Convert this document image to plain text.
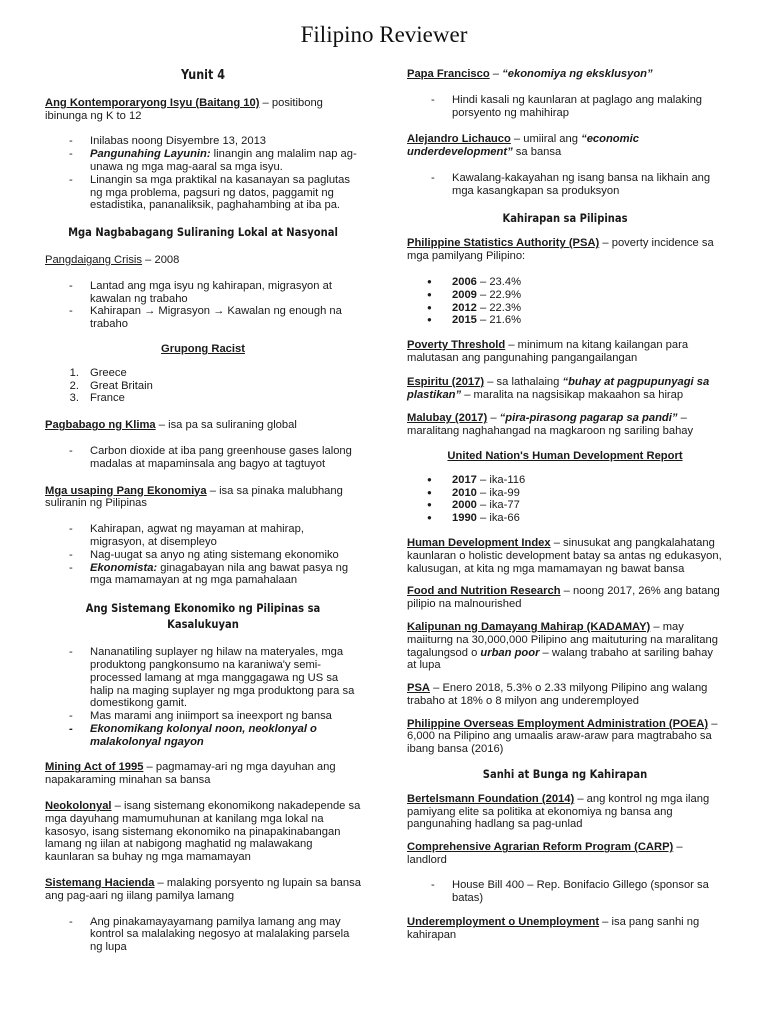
Filipino Reviewer

Yunit 4

Ang Kontemporaryong Isyu (Baitang 10) – positibong ibinunga ng K to 12

- Inilabas noong Disyembre 13, 2013
- Pangunahing Layunin: linangin ang malalim nap ag-unawa ng mga mag-aaral sa mga isyu.
- Linangin sa mga praktikal na kasanayan sa paglutas ng mga problema, pagsuri ng datos, paggamit ng estadistika, pananaliksik, paghahambing at iba pa.

Mga Nagbabagang Suliraning Lokal at Nasyonal

Pangdaigang Crisis – 2008

- Lantad ang mga isyu ng kahirapan, migrasyon at kawalan ng trabaho
- Kahirapan → Migrasyon → Kawalan ng enough na trabaho

Grupong Racist

1. Greece
2. Great Britain
3. France

Pagbabago ng Klima – isa pa sa suliraning global

- Carbon dioxide at iba pang greenhouse gases lalong madalas at mapaminsala ang bagyo at tagtuyot

Mga usaping Pang Ekonomiya – isa sa pinaka malubhang suliranin ng Pilipinas

- Kahirapan, agwat ng mayaman at mahirap, migrasyon, at disempleyo
- Nag-uugat sa anyo ng ating sistemang ekonomiko
- Ekonomista: ginagabayan nila ang bawat pasya ng mga mamamayan at ng mga pamahalaan

Ang Sistemang Ekonomiko ng Pilipinas sa Kasalukuyan

- Nananatiling suplayer ng hilaw na materyales, mga produktong pangkonsumo na karaniwa'y semi-processed lamang at mga manggagawa ng US sa halip na maging suplayer ng mga produktong para sa domestikong gamit.
- Mas marami ang iniimport sa ineexport ng bansa
- Ekonomikang kolonyal noon, neoklonyal o malakolonyal ngayon

Mining Act of 1995 – pagmamay-ari ng mga dayuhan ang napakaraming minahan sa bansa

Neokolonyal – isang sistemang ekonomikong nakadepende sa mga dayuhang mamumuhunan at kanilang mga lokal na kasosyo, isang sistemang ekonomiko na pinapakinabangan lamang ng iilan at nabigong maghatid ng malawakang kaunlaran sa buhay ng mga mamamayan

Sistemang Hacienda – malaking porsyento ng lupain sa bansa ang pag-aari ng iilang pamilya lamang

- Ang pinakamayayamang pamilya lamang ang may kontrol sa malalaking negosyo at malalaking parsela ng lupa

Papa Francisco – “ekonomiya ng eksklusyon”

- Hindi kasali ng kaunlaran at paglago ang malaking porsyento ng mahihirap

Alejandro Lichauco – umiiral ang “economic underdevelopment” sa bansa

- Kawalang-kakayahan ng isang bansa na likhain ang mga kasangkapan sa produksyon

Kahirapan sa Pilipinas

Philippine Statistics Authority (PSA) – poverty incidence sa mga pamilyang Pilipino:

● 2006 – 23.4%
● 2009 – 22.9%
● 2012 – 22.3%
● 2015 – 21.6%

Poverty Threshold – minimum na kitang kailangan para malutasan ang pangunahing pangangailangan

Espiritu (2017) – sa lathalaing “buhay at pagpupunyagi sa plastikan” – maralita na nagsisikap makaahon sa hirap

Malubay (2017) – “pira-pirasong pagarap sa pandi” – maralitang naghahangad na magkaroon ng sariling bahay

United Nation's Human Development Report

● 2017 – ika-116
● 2010 – ika-99
● 2000 – ika-77
● 1990 – ika-66

Human Development Index – sinusukat ang pangkalahatang kaunlaran o holistic development batay sa antas ng edukasyon, kalusugan, at kita ng mga mamamayan ng bawat bansa

Food and Nutrition Research – noong 2017, 26% ang batang pilipio na malnourished

Kalipunan ng Damayang Mahirap (KADAMAY) – may maiiturng na 30,000,000 Pilipino ang maituturing na maralitang tagalungsod o urban poor – walang trabaho at sariling bahay at lupa

PSA – Enero 2018, 5.3% o 2.33 milyong Pilipino ang walang trabaho at 18% o 8 milyon ang underemployed

Philippine Overseas Employment Administration (POEA) – 6,000 na Pilipino ang umaalis araw-araw para magtrabaho sa ibang bansa (2016)

Sanhi at Bunga ng Kahirapan

Bertelsmann Foundation (2014) – ang kontrol ng mga ilang pamiyang elite sa politika at ekonomiya ng bansa ang pangunahing hadlang sa pag-unlad

Comprehensive Agrarian Reform Program (CARP) – landlord

- House Bill 400 – Rep. Bonifacio Gillego (sponsor sa batas)

Underemployment o Unemployment – isa pang sanhi ng kahirapan
